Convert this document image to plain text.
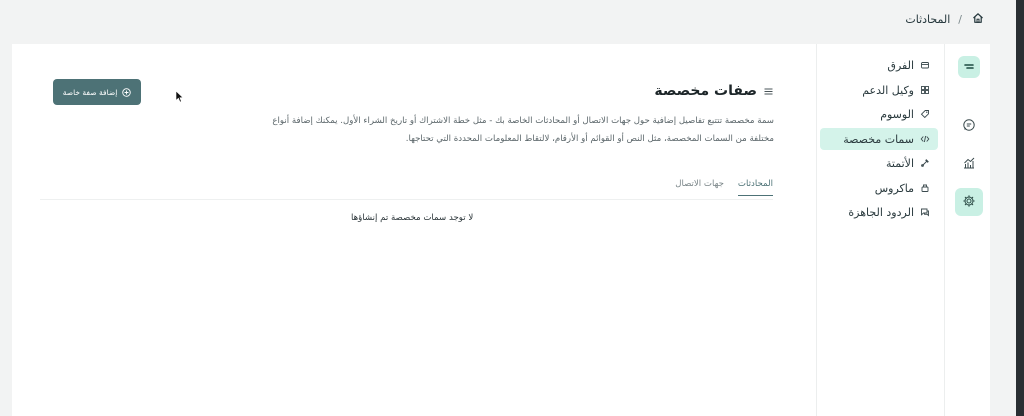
/
المحادثات
إضافة صفة خاصة	صفات مخصصة

سمة مخصصة تتتبع تفاصيل إضافية حول جهات الاتصال أو المحادثات الخاصة بك - مثل خطة الاشتراك أو تاريخ الشراء الأول. يمكنك إضافة أنواع مختلفة من السمات المخصصة، مثل النص أو القوائم أو الأرقام، لالتقاط المعلومات المحددة التي تحتاجها.

المحادثات
جهات الاتصال
لا توجد سمات مخصصة تم إنشاؤها
الفرق
وكيل الدعم
الوسوم
سمات مخصصة
الأتمتة
ماكروس
الردود الجاهزة
